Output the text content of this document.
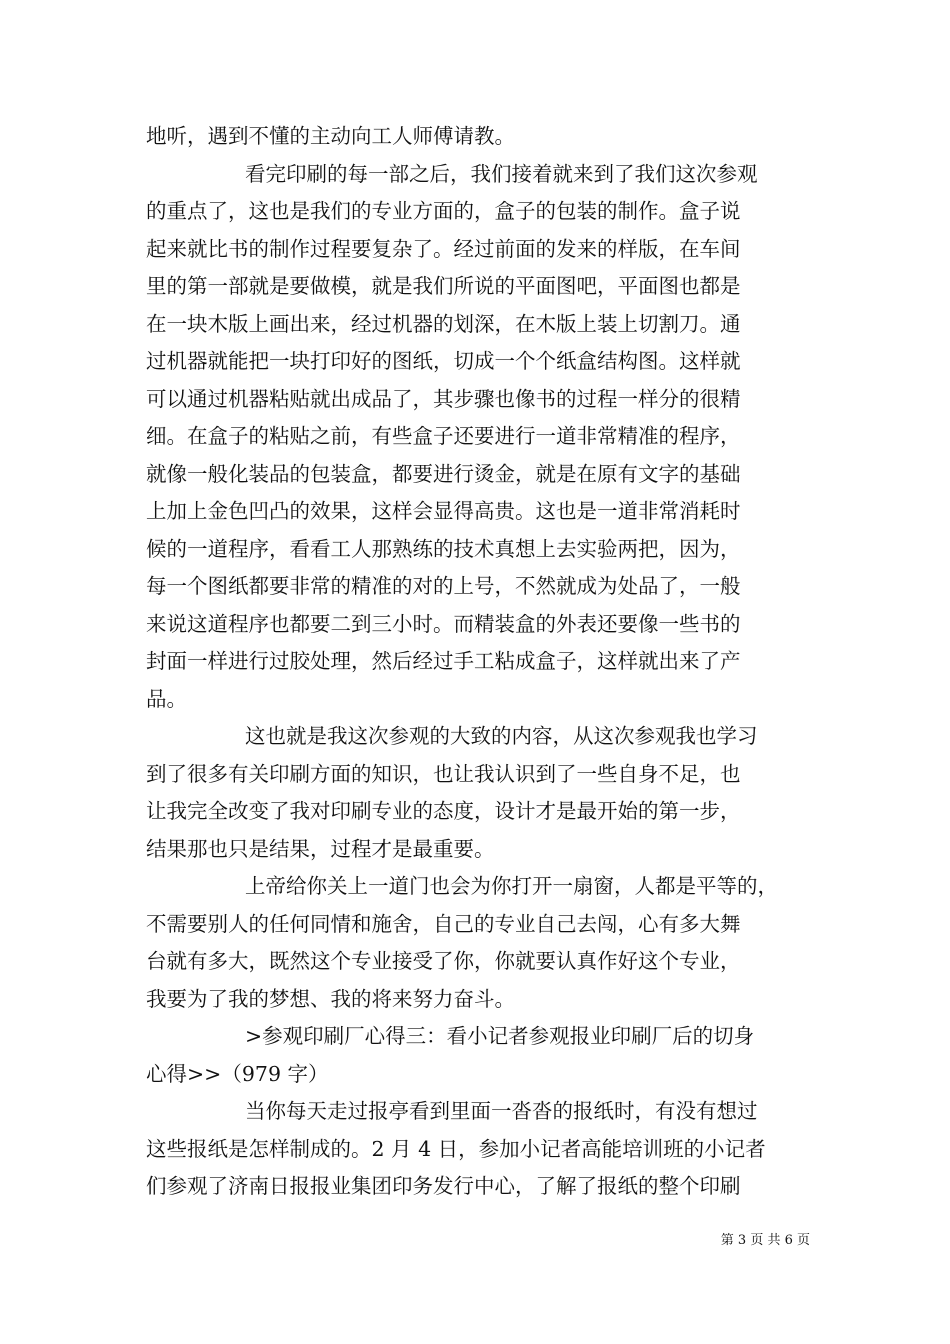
地听，遇到不懂的主动向工人师傅请教。
看完印刷的每一部之后，我们接着就来到了我们这次参观
的重点了，这也是我们的专业方面的，盒子的包装的制作。盒子说
起来就比书的制作过程要复杂了。经过前面的发来的样版，在车间
里的第一部就是要做模，就是我们所说的平面图吧，平面图也都是
在一块木版上画出来，经过机器的划深，在木版上装上切割刀。通
过机器就能把一块打印好的图纸，切成一个个纸盒结构图。这样就
可以通过机器粘贴就出成品了，其步骤也像书的过程一样分的很精
细。在盒子的粘贴之前，有些盒子还要进行一道非常精准的程序，
就像一般化装品的包装盒，都要进行烫金，就是在原有文字的基础
上加上金色凹凸的效果，这样会显得高贵。这也是一道非常消耗时
候的一道程序，看看工人那熟练的技术真想上去实验两把，因为，
每一个图纸都要非常的精准的对的上号，不然就成为处品了，一般
来说这道程序也都要二到三小时。而精装盒的外表还要像一些书的
封面一样进行过胶处理，然后经过手工粘成盒子，这样就出来了产
品。
这也就是我这次参观的大致的内容，从这次参观我也学习
到了很多有关印刷方面的知识，也让我认识到了一些自身不足，也
让我完全改变了我对印刷专业的态度，设计才是最开始的第一步，
结果那也只是结果，过程才是最重要。
上帝给你关上一道门也会为你打开一扇窗，人都是平等的，
不需要别人的任何同情和施舍，自己的专业自己去闯，心有多大舞
台就有多大，既然这个专业接受了你，你就要认真作好这个专业，
我要为了我的梦想、我的将来努力奋斗。
>参观印刷厂心得三：看小记者参观报业印刷厂后的切身
心得>>（979 字）
当你每天走过报亭看到里面一沓沓的报纸时，有没有想过
这些报纸是怎样制成的。2 月 4 日，参加小记者高能培训班的小记者
们参观了济南日报报业集团印务发行中心，了解了报纸的整个印刷
第 3 页 共 6 页
